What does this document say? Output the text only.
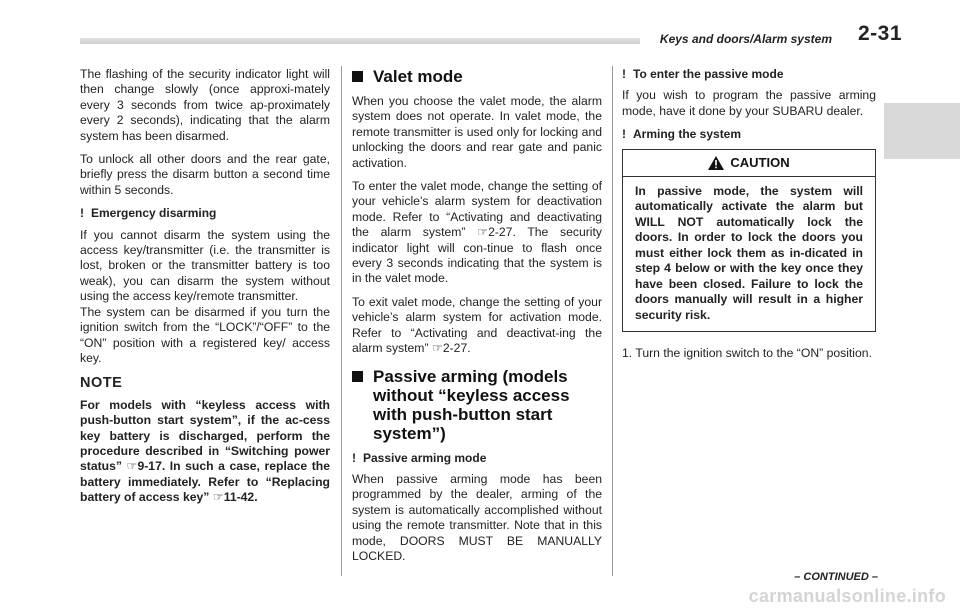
Keys and doors/Alarm system 2-31

The flashing of the security indicator light will then change slowly (once approxi-mately every 3 seconds from twice ap-proximately every 2 seconds), indicating that the alarm system has been disarmed.

To unlock all other doors and the rear gate, briefly press the disarm button a second time within 5 seconds.

! Emergency disarming

If you cannot disarm the system using the access key/transmitter (i.e. the transmitter is lost, broken or the transmitter battery is too weak), you can disarm the system without using the access key/remote transmitter.

The system can be disarmed if you turn the ignition switch from the “LOCK”/“OFF” to the “ON” position with a registered key/ access key.

NOTE

For models with “keyless access with push-button start system”, if the ac-cess key battery is discharged, perform the procedure described in “Switching power status” ☞9-17. In such a case, replace the battery immediately. Refer to “Replacing battery of access key” ☞11-42.

Valet mode

When you choose the valet mode, the alarm system does not operate. In valet mode, the remote transmitter is used only for locking and unlocking the doors and rear gate and panic activation.

To enter the valet mode, change the setting of your vehicle’s alarm system for deactivation mode. Refer to “Activating and deactivating the alarm system” ☞2-27. The security indicator light will con-tinue to flash once every 3 seconds indicating that the system is in the valet mode.

To exit valet mode, change the setting of your vehicle’s alarm system for activation mode. Refer to “Activating and deactivat-ing the alarm system” ☞2-27.

Passive arming (models without “keyless access with push-button start system”)
! Passive arming mode

When passive arming mode has been programmed by the dealer, arming of the system is automatically accomplished without using the remote transmitter. Note that in this mode, DOORS MUST BE MANUALLY LOCKED.

! To enter the passive mode

If you wish to program the passive arming mode, have it done by your SUBARU dealer.

! Arming the system
CAUTION
In passive mode, the system will automatically activate the alarm but WILL NOT automatically lock the doors. In order to lock the doors you must either lock them as in-dicated in step 4 below or with the key once they have been closed. Failure to lock the doors manually will result in a higher security risk.

1. Turn the ignition switch to the “ON” position.

– CONTINUED –
carmanualsonline.info
